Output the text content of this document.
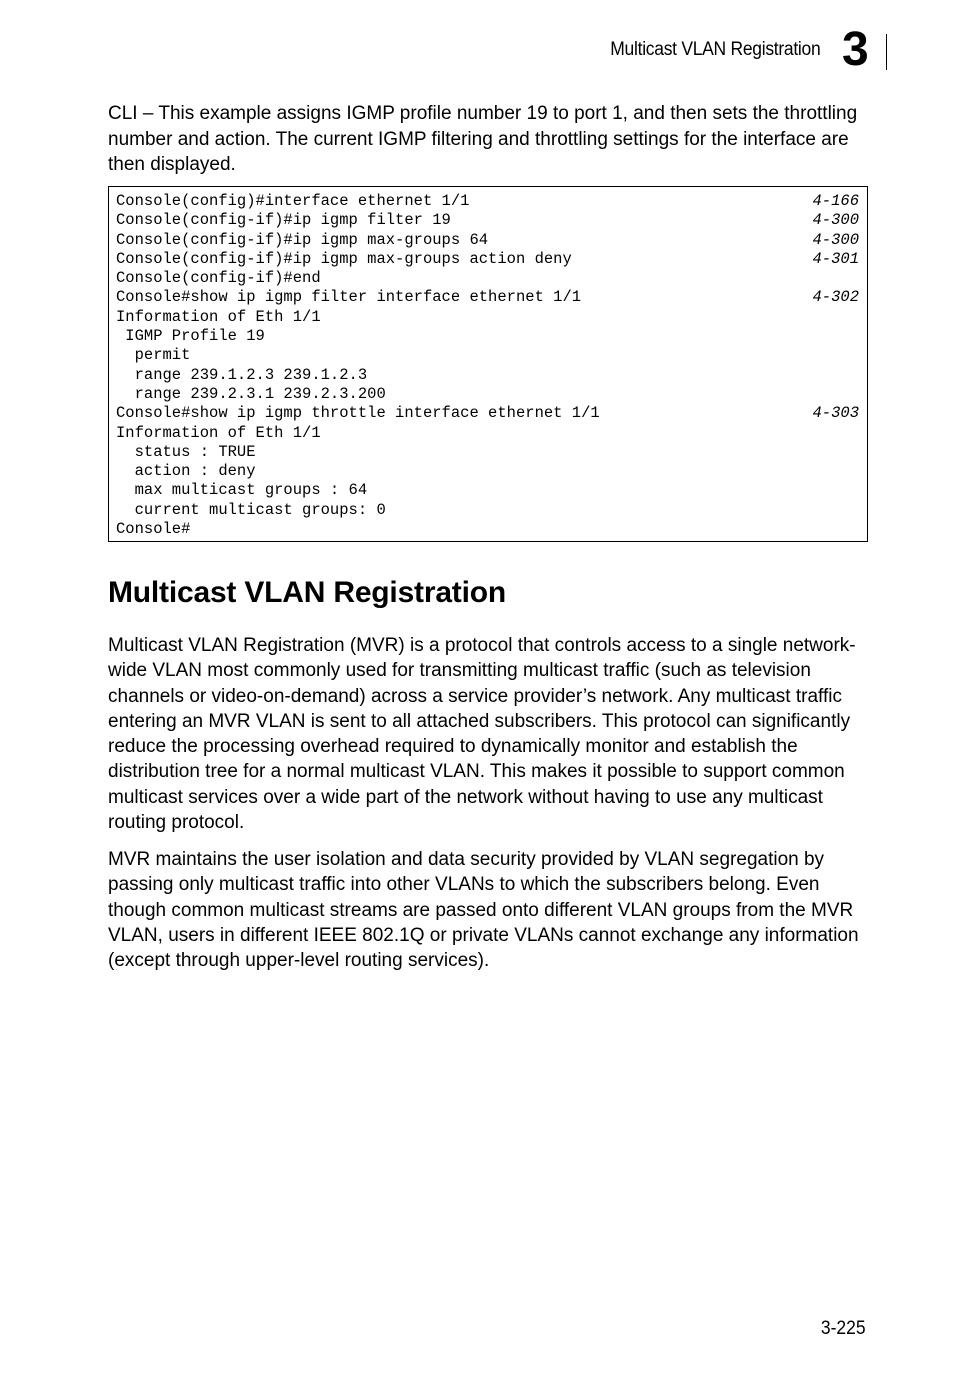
Multicast VLAN Registration 3

CLI – This example assigns IGMP profile number 19 to port 1, and then sets the throttling number and action. The current IGMP filtering and throttling settings for the interface are then displayed.

Console(config)#interface ethernet 1/1	4-166
Console(config-if)#ip igmp filter 19	4-300
Console(config-if)#ip igmp max-groups 64	4-300
Console(config-if)#ip igmp max-groups action deny	4-301
Console(config-if)#end
Console#show ip igmp filter interface ethernet 1/1	4-302
Information of Eth 1/1
IGMP Profile 19
permit
range 239.1.2.3 239.1.2.3
range 239.2.3.1 239.2.3.200
Console#show ip igmp throttle interface ethernet 1/1	4-303
Information of Eth 1/1
status : TRUE
action : deny
max multicast groups : 64
current multicast groups: 0
Console#
Multicast VLAN Registration

Multicast VLAN Registration (MVR) is a protocol that controls access to a single network-wide VLAN most commonly used for transmitting multicast traffic (such as television channels or video-on-demand) across a service provider’s network. Any multicast traffic entering an MVR VLAN is sent to all attached subscribers. This protocol can significantly reduce the processing overhead required to dynamically monitor and establish the distribution tree for a normal multicast VLAN. This makes it possible to support common multicast services over a wide part of the network without having to use any multicast routing protocol.

MVR maintains the user isolation and data security provided by VLAN segregation by passing only multicast traffic into other VLANs to which the subscribers belong. Even though common multicast streams are passed onto different VLAN groups from the MVR VLAN, users in different IEEE 802.1Q or private VLANs cannot exchange any information (except through upper-level routing services).

3-225
